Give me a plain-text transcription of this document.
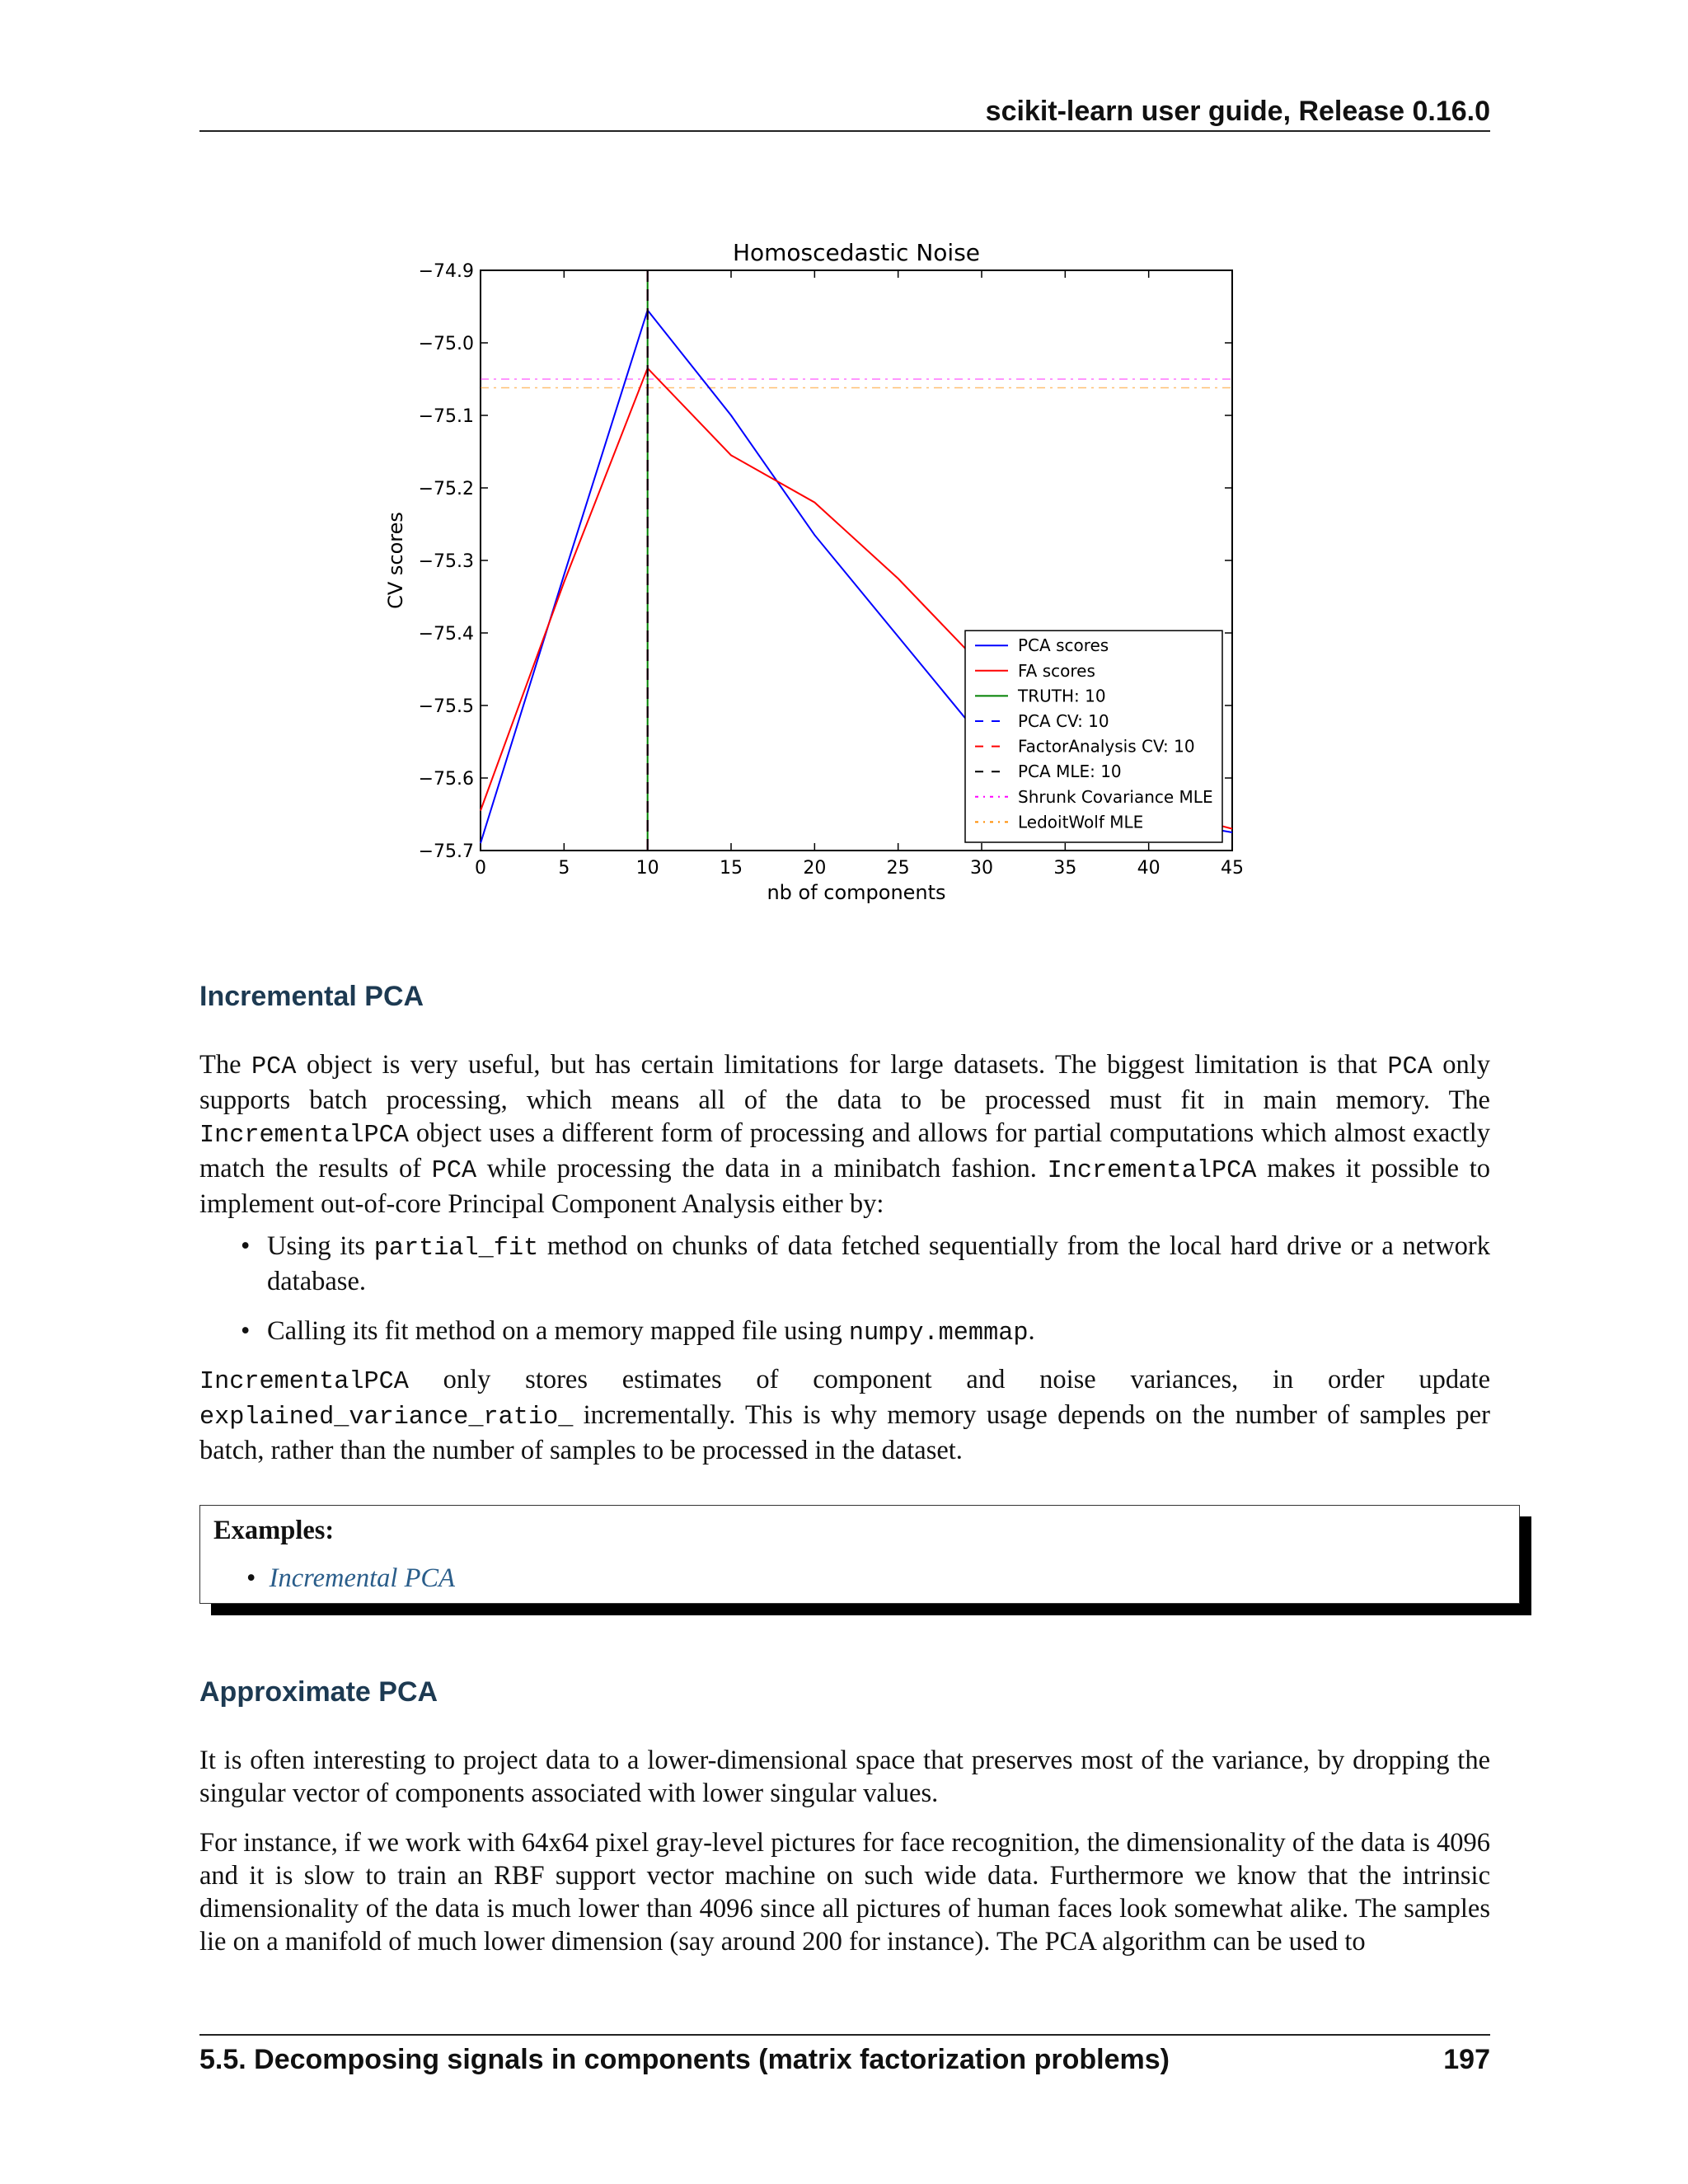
scikit-learn user guide, Release 0.16.0
Homoscedastic Noise
CV scores
nb of components
0	5	10	15	20	25	30	35	40	45
−74.9
−75.0
−75.1
−75.2
−75.3
−75.4
−75.5
−75.6
−75.7
PCA scores
FA scores
TRUTH: 10
PCA CV: 10
FactorAnalysis CV: 10
PCA MLE: 10
Shrunk Covariance MLE
LedoitWolf MLE
Incremental PCA

The PCA object is very useful, but has certain limitations for large datasets. The biggest limitation is that PCA only supports batch processing, which means all of the data to be processed must fit in main memory. The IncrementalPCA object uses a different form of processing and allows for partial computations which almost exactly match the results of PCA while processing the data in a minibatch fashion. IncrementalPCA makes it possible to implement out-of-core Principal Component Analysis either by:

• Using its partial_fit method on chunks of data fetched sequentially from the local hard drive or a network database.
• Calling its fit method on a memory mapped file using numpy.memmap.

IncrementalPCA only stores estimates of component and noise variances, in order update explained_variance_ratio_ incrementally. This is why memory usage depends on the number of samples per batch, rather than the number of samples to be processed in the dataset.

Examples:
•  Incremental PCA
Approximate PCA

It is often interesting to project data to a lower-dimensional space that preserves most of the variance, by dropping the singular vector of components associated with lower singular values.

For instance, if we work with 64x64 pixel gray-level pictures for face recognition, the dimensionality of the data is 4096 and it is slow to train an RBF support vector machine on such wide data. Furthermore we know that the intrinsic dimensionality of the data is much lower than 4096 since all pictures of human faces look somewhat alike. The samples lie on a manifold of much lower dimension (say around 200 for instance). The PCA algorithm can be used to

5.5. Decomposing signals in components (matrix factorization problems)	197
